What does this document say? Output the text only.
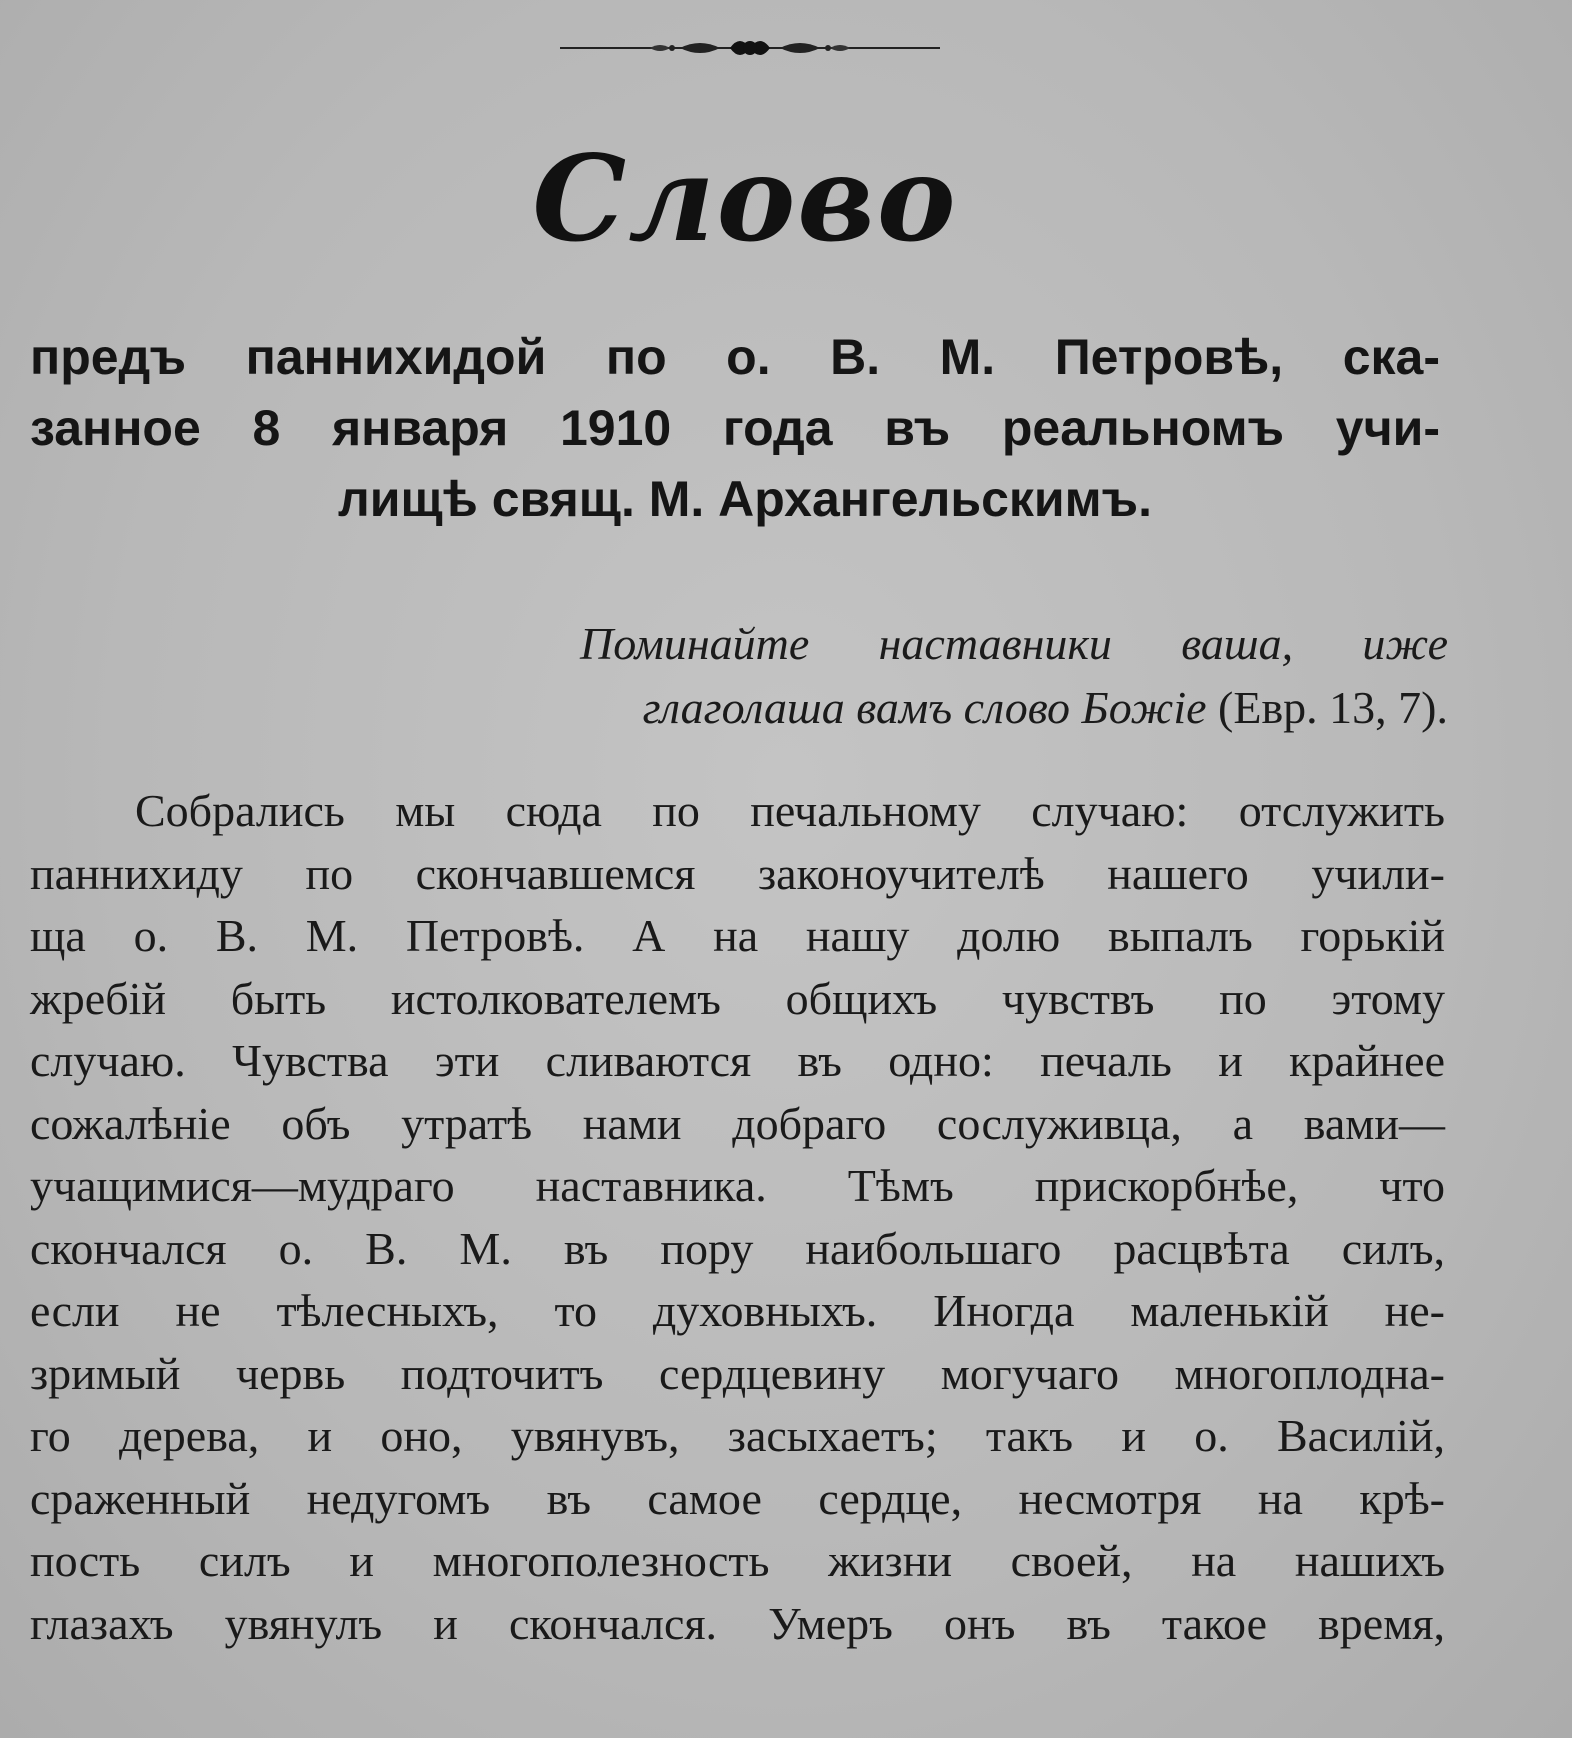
Слово
предъ паннихидой по о. В. М. Петровѣ, ска-
занное 8 января 1910 года въ реальномъ учи-
лищѣ свящ. М. Архангельскимъ.
Поминайте наставники ваша, иже
глаголаша вамъ слово Божіе (Евр. 13, 7).
Собрались мы сюда по печальному случаю: отслужить
паннихиду по скончавшемся законоучителѣ нашего учили-
ща о. В. М. Петровѣ. А на нашу долю выпалъ горькій
жребій быть истолкователемъ общихъ чувствъ по этому
случаю. Чувства эти сливаются въ одно: печаль и крайнее
сожалѣніе объ утратѣ нами добраго сослуживца, а вами—
учащимися—мудраго наставника. Тѣмъ прискорбнѣе, что
скончался о. В. М. въ пору наибольшаго расцвѣта силъ,
если не тѣлесныхъ, то духовныхъ. Иногда маленькій не-
зримый червь подточитъ сердцевину могучаго многоплодна-
го дерева, и оно, увянувъ, засыхаетъ; такъ и о. Василій,
сраженный недугомъ въ самое сердце, несмотря на крѣ-
пость силъ и многополезность жизни своей, на нашихъ
глазахъ увянулъ и скончался. Умеръ онъ въ такое время,
